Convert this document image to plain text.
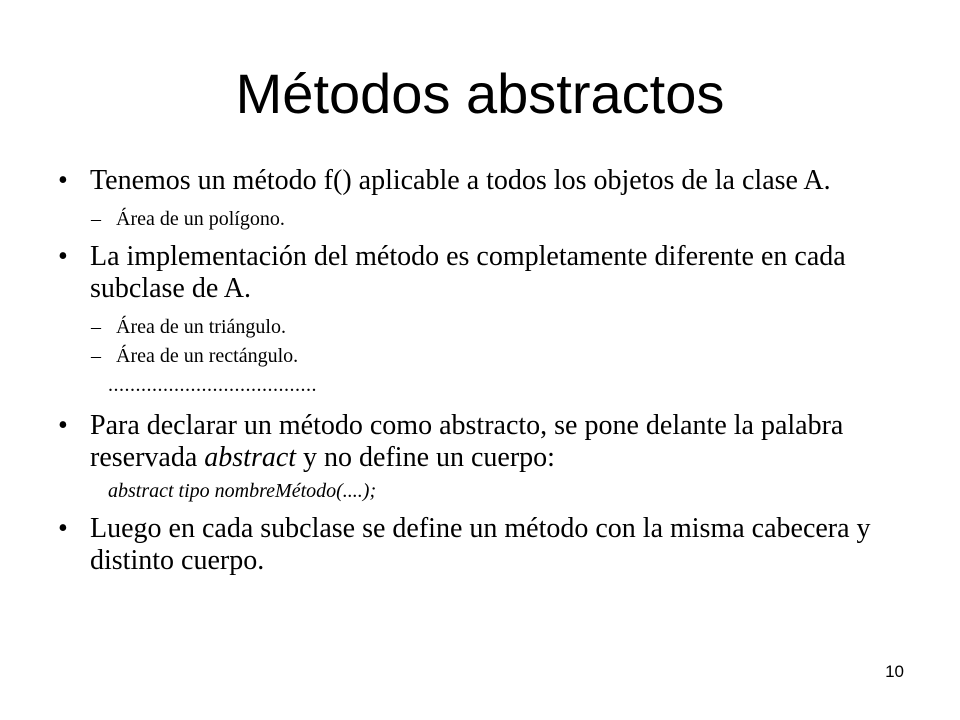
Métodos abstractos
• Tenemos un método f() aplicable a todos los objetos de la clase A.
– Área de un polígono.
• La implementación del método es completamente diferente en cada subclase de A.
– Área de un triángulo.
– Área de un rectángulo.
......................................
• Para declarar un método como abstracto, se pone delante la palabra reservada abstract y no define un cuerpo:
abstract tipo nombreMétodo(....);
• Luego en cada subclase se define un método con la misma cabecera y distinto cuerpo.
10
